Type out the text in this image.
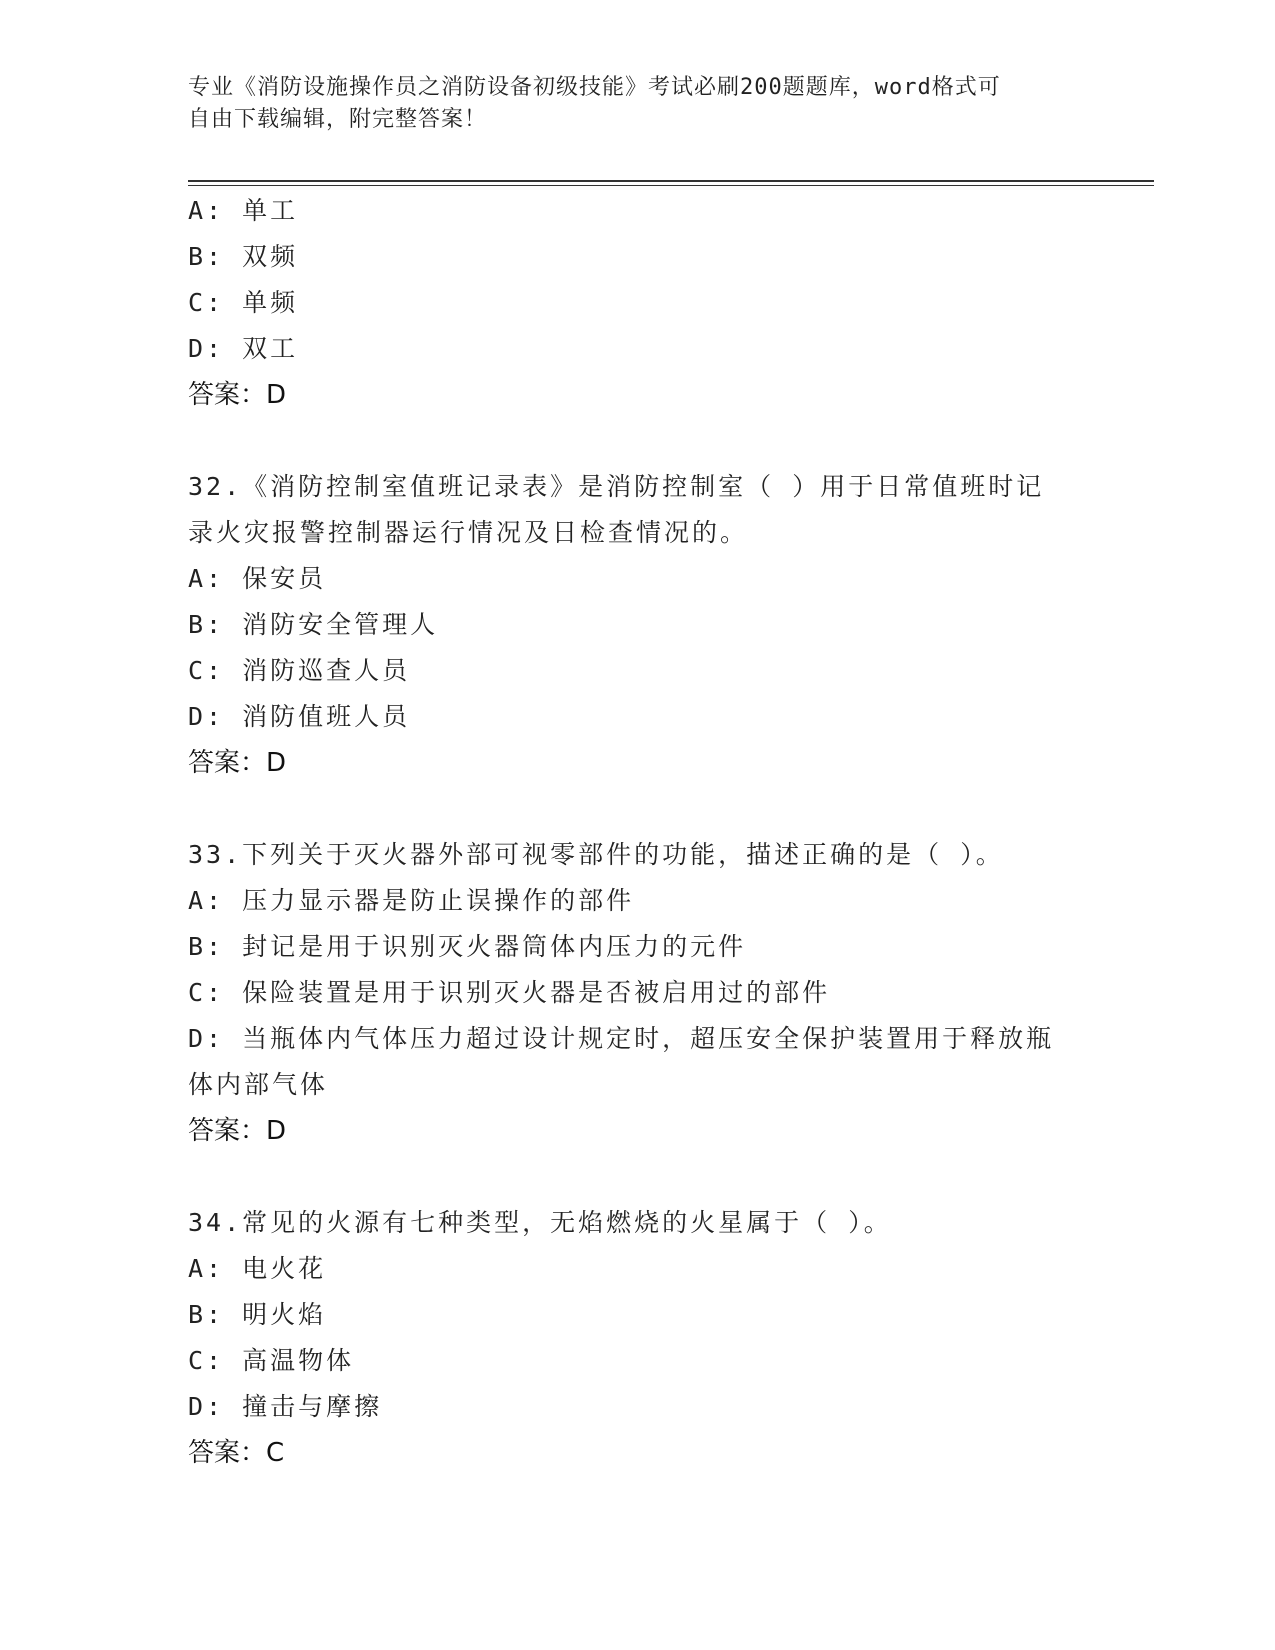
专业《消防设施操作员之消防设备初级技能》考试必刷200题题库，word格式可
自由下载编辑，附完整答案！
A: 单工
B: 双频
C: 单频
D: 双工
答案：D
32.《消防控制室值班记录表》是消防控制室（ ）用于日常值班时记
录火灾报警控制器运行情况及日检查情况的。
A: 保安员
B: 消防安全管理人
C: 消防巡查人员
D: 消防值班人员
答案：D
33.下列关于灭火器外部可视零部件的功能，描述正确的是（ ）。
A: 压力显示器是防止误操作的部件
B: 封记是用于识别灭火器筒体内压力的元件
C: 保险装置是用于识别灭火器是否被启用过的部件
D: 当瓶体内气体压力超过设计规定时，超压安全保护装置用于释放瓶
体内部气体
答案：D
34.常见的火源有七种类型，无焰燃烧的火星属于（ ）。
A: 电火花
B: 明火焰
C: 高温物体
D: 撞击与摩擦
答案：C
